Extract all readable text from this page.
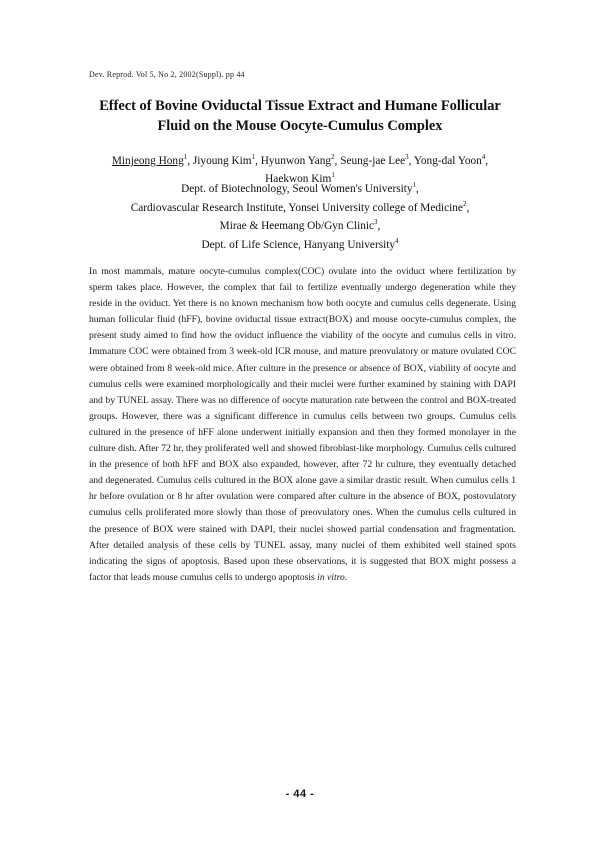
Dev. Reprod. Vol 5, No 2, 2002(Suppl). pp 44
Effect of Bovine Oviductal Tissue Extract and Humane Follicular
Fluid on the Mouse Oocyte-Cumulus Complex
Minjeong Hong$^1$, Jiyoung Kim$^1$, Hyunwon Yang$^2$, Seung-jae Lee$^3$, Yong-dal Yoon$^4$,
Haekwon Kim$^1$
Dept. of Biotechnology, Seoul Women's University$^1$,
Cardiovascular Research Institute, Yonsei University college of Medicine$^2$,
Mirae & Heemang Ob/Gyn Clinic$^3$,
Dept. of Life Science, Hanyang University$^4$

In most mammals, mature oocyte-cumulus complex(COC) ovulate into the oviduct where fertilization by sperm takes place. However, the complex that fail to fertilize eventually undergo degeneration while they reside in the oviduct. Yet there is no known mechanism how both oocyte and cumulus cells degenerate. Using human follicular fluid (hFF), bovine oviductal tissue extract(BOX) and mouse oocyte-cumulus complex, the present study aimed to find how the oviduct influence the viability of the oocyte and cumulus cells in vitro. Immature COC were obtained from 3 week-old ICR mouse, and mature preovulatory or mature ovulated COC were obtained from 8 week-old mice. After culture in the presence or absence of BOX, viability of oocyte and cumulus cells were examined morphologically and their nuclei were further examined by staining with DAPI and by TUNEL assay. There was no difference of oocyte maturation rate between the control and BOX-treated groups. However, there was a significant difference in cumulus cells between two groups. Cumulus cells cultured in the presence of hFF alone underwent initially expansion and then they formed monolayer in the culture dish. After 72 hr, they proliferated well and showed fibroblast-like morphology. Cumulus cells cultured in the presence of both hFF and BOX also expanded, however, after 72 hr culture, they eventually detached and degenerated. Cumulus cells cultured in the BOX alone gave a similar drastic result. When cumulus cells 1 hr before ovulation or 8 hr after ovulation were compared after culture in the absence of BOX, postovulatory cumulus cells proliferated more slowly than those of preovulatory ones. When the cumulus cells cultured in the presence of BOX were stained with DAPI, their nuclei showed partial condensation and fragmentation. After detailed analysis of these cells by TUNEL assay, many nuclei of them exhibited well stained spots indicating the signs of apoptosis. Based upon these observations, it is suggested that BOX might possess a factor that leads mouse cumulus cells to undergo apoptosis in vitro.

- 44 -
